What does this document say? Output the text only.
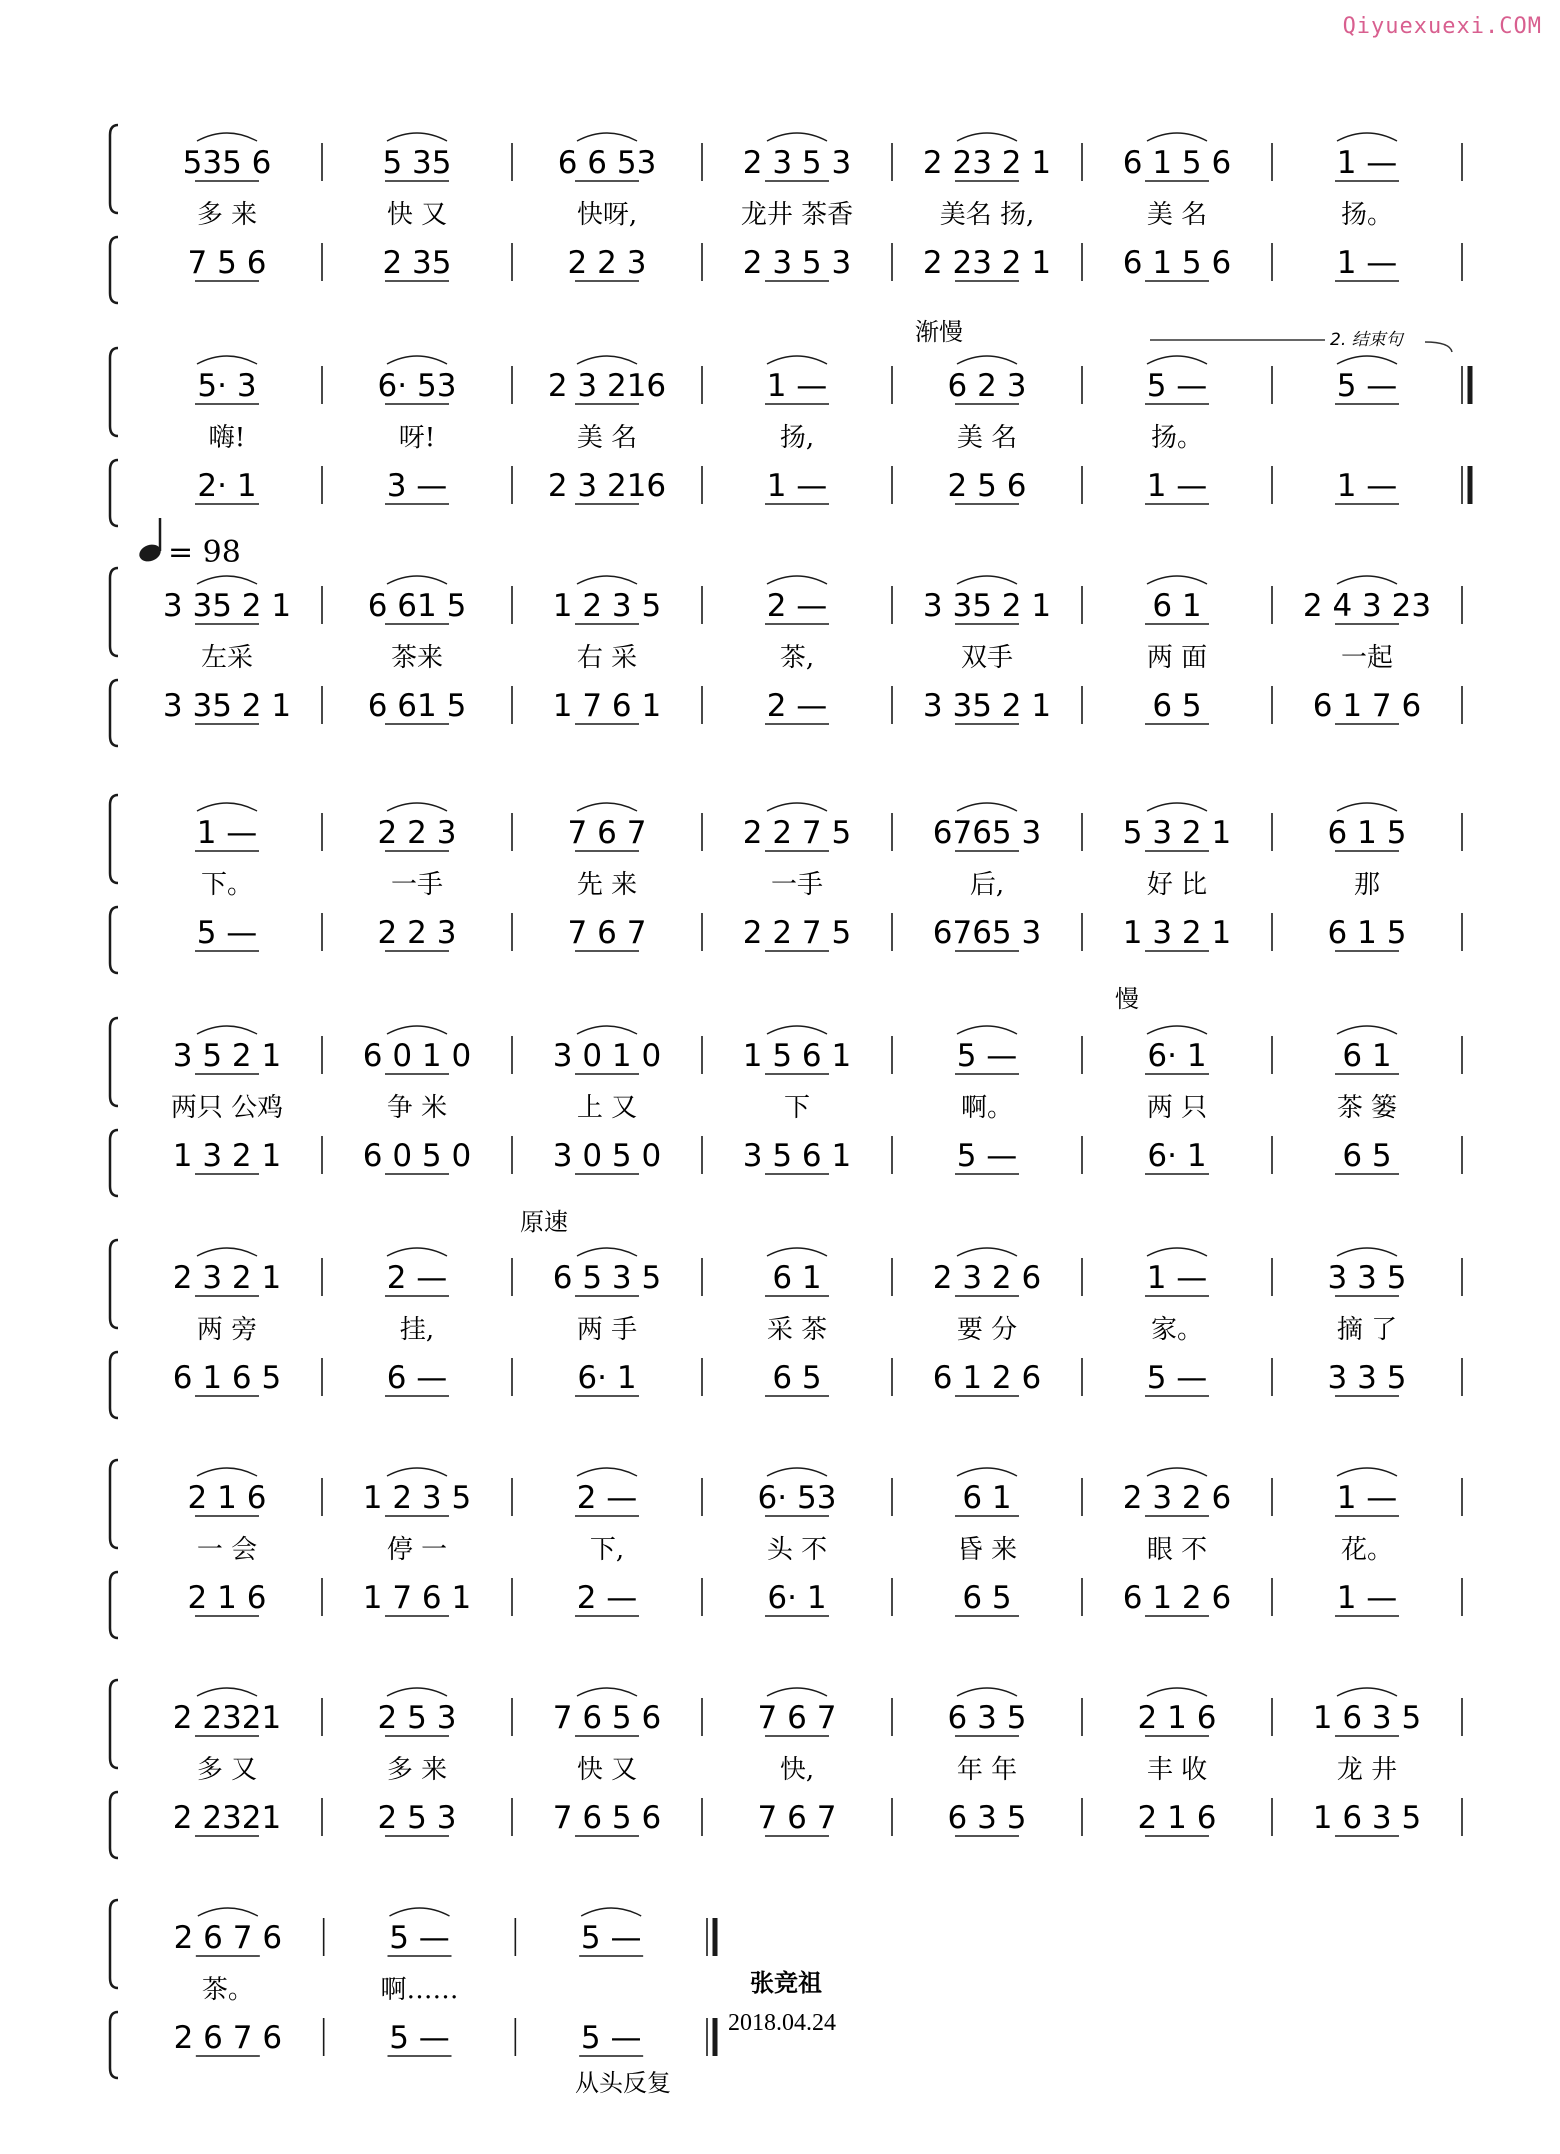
Qiyuexuexi.COM
535 6
多 来
7 5 6
5 35
快 又
2 35
6 6 53
快呀,
2 2 3
2 3 5 3
龙井 茶香
2 3 5 3
2 23 2 1
美名 扬,
2 23 2 1
6 1 5 6
美 名
6 1 5 6
1 —
扬。
1 —
5· 3
嗨!
2· 1
6· 53
呀!
3 —
2 3 216
美 名
2 3 216
1 —
扬,
1 —
6 2 3
美 名
2 5 6
5 —
扬。
1 —
5 —
1 —
3 35 2 1
左采
3 35 2 1
6 61 5
茶来
6 61 5
1 2 3 5
右 采
1 7 6 1
2 —
茶,
2 —
3 35 2 1
双手
3 35 2 1
6 1
两 面
6 5
2 4 3 23
一起
6 1 7 6
1 —
下。
5 —
2 2 3
一手
2 2 3
7 6 7
先 来
7 6 7
2 2 7 5
一手
2 2 7 5
6765 3
后,
6765 3
5 3 2 1
好 比
1 3 2 1
6 1 5
那
6 1 5
3 5 2 1
两只 公鸡
1 3 2 1
6 0 1 0
争 米
6 0 5 0
3 0 1 0
上 又
3 0 5 0
1 5 6 1
下
3 5 6 1
5 —
啊。
5 —
6· 1
两 只
6· 1
6 1
茶 篓
6 5
2 3 2 1
两 旁
6 1 6 5
2 —
挂,
6 —
6 5 3 5
两 手
6· 1
6 1
采 茶
6 5
2 3 2 6
要 分
6 1 2 6
1 —
家。
5 —
3 3 5
摘 了
3 3 5
2 1 6
一 会
2 1 6
1 2 3 5
停 一
1 7 6 1
2 —
下,
2 —
6· 53
头 不
6· 1
6 1
昏 来
6 5
2 3 2 6
眼 不
6 1 2 6
1 —
花。
1 —
2 2321
多 又
2 2321
2 5 3
多 来
2 5 3
7 6 5 6
快 又
7 6 5 6
7 6 7
快,
7 6 7
6 3 5
年 年
6 3 5
2 1 6
丰 收
2 1 6
1 6 3 5
龙 井
1 6 3 5
2 6 7 6
茶。
2 6 7 6
5 —
啊……
5 —
5 —
5 —
= 98
渐慢	2. 结束句
慢
原速
张竞祖
2018.04.24
从头反复
